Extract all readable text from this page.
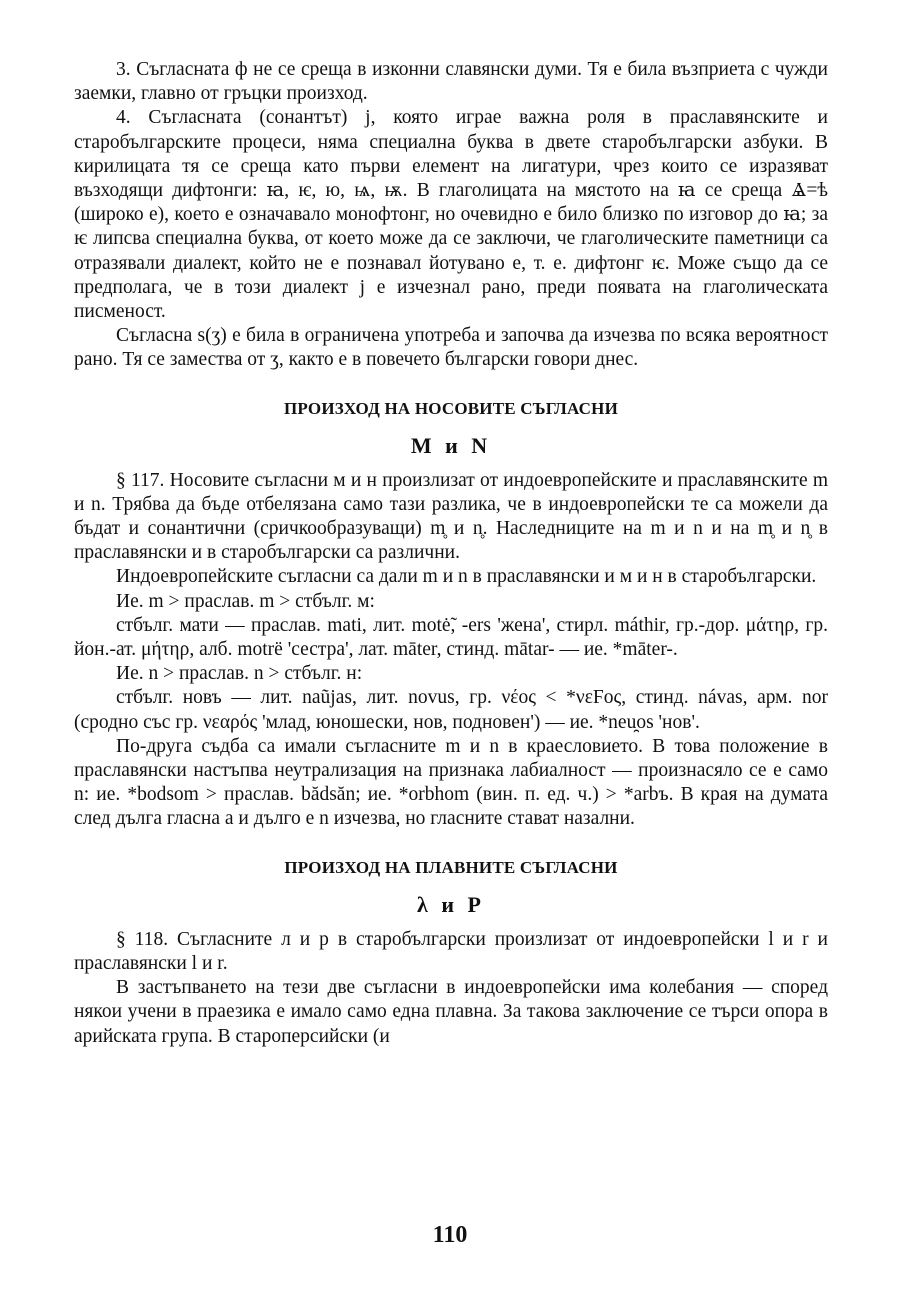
3. Съгласната ф не се среща в изконни славянски думи. Тя е била възприета с чужди заемки, главно от гръцки произход.

4. Съгласната (сонантът) j, която играе важна роля в праславянските и старобългарските процеси, няма специална буква в двете старобългарски азбуки. В кирилицата тя се среща като първи елемент на лигатури, чрез които се изразяват възходящи дифтонги: ꙗ, ѥ, ю, ѩ, ѭ. В глаголицата на мястото на ꙗ се среща Ⱑ=ѣ (широко е), което е означавало монофтонг, но очевидно е било близко по изговор до ꙗ; за ѥ липсва специална буква, от което може да се заключи, че глаголическите паметници са отразявали диалект, който не е познавал йотувано е, т. е. дифтонг ѥ. Може също да се предполага, че в този диалект j е изчезнал рано, преди появата на глаголическата писменост.

Съгласна ѕ(ʒ) е била в ограничена употреба и започва да изчезва по всяка вероятност рано. Тя се замества от ʒ, както е в повечето български говори днес.

ПРОИЗХОД НА НОСОВИТЕ СЪГЛАСНИ
М и N

§ 117. Носовите съгласни м и н произлизат от индоевропейските и праславянските m и n. Трябва да бъде отбелязана само тази разлика, че в индоевропейски те са можели да бъдат и сонантични (сричкообразуващи) m̥ и n̥. Наследниците на m и n и на m̥ и n̥ в праславянски и в старобългарски са различни.

Индоевропейските съгласни са дали m и n в праславянски и м и н в старобългарски.

Ие. m > праслав. m > стбълг. м:

стбълг. мати — праслав. mati, лит. motė̃, -ers 'жена', стирл. máthir, гр.-дор. μάτηρ, гр. йон.-ат. μήτηρ, алб. motrë 'сестра', лат. māter, стинд. mātar- — ие. *māter-.

Ие. n > праслав. n > стбълг. н:

стбълг. новъ — лит. naũjas, лит. novus, гр. νέος < *νεϜος, стинд. návas, арм. nor (сродно със гр. νεαρός 'млад, юношески, нов, подновен') — ие. *neu̯os 'нов'.

По-друга съдба са имали съгласните m и n в краесловието. В това положение в праславянски настъпва неутрализация на признака лабиалност — произнасяло се е само n: ие. *bodsom > праслав. bădsăn; ие. *orbhom (вин. п. ед. ч.) > *arbъ. В края на думата след дълга гласна a и дълго e n изчезва, но гласните стават назални.

ПРОИЗХОД НА ПЛАВНИТЕ СЪГЛАСНИ
λ и Р

§ 118. Съгласните л и р в старобългарски произлизат от индоевропейски l и r и праславянски l и r.

В застъпването на тези две съгласни в индоевропейски има колебания — според някои учени в праезика е имало само една плавна. За такова заключение се търси опора в арийската група. В староперсийски (и

110
